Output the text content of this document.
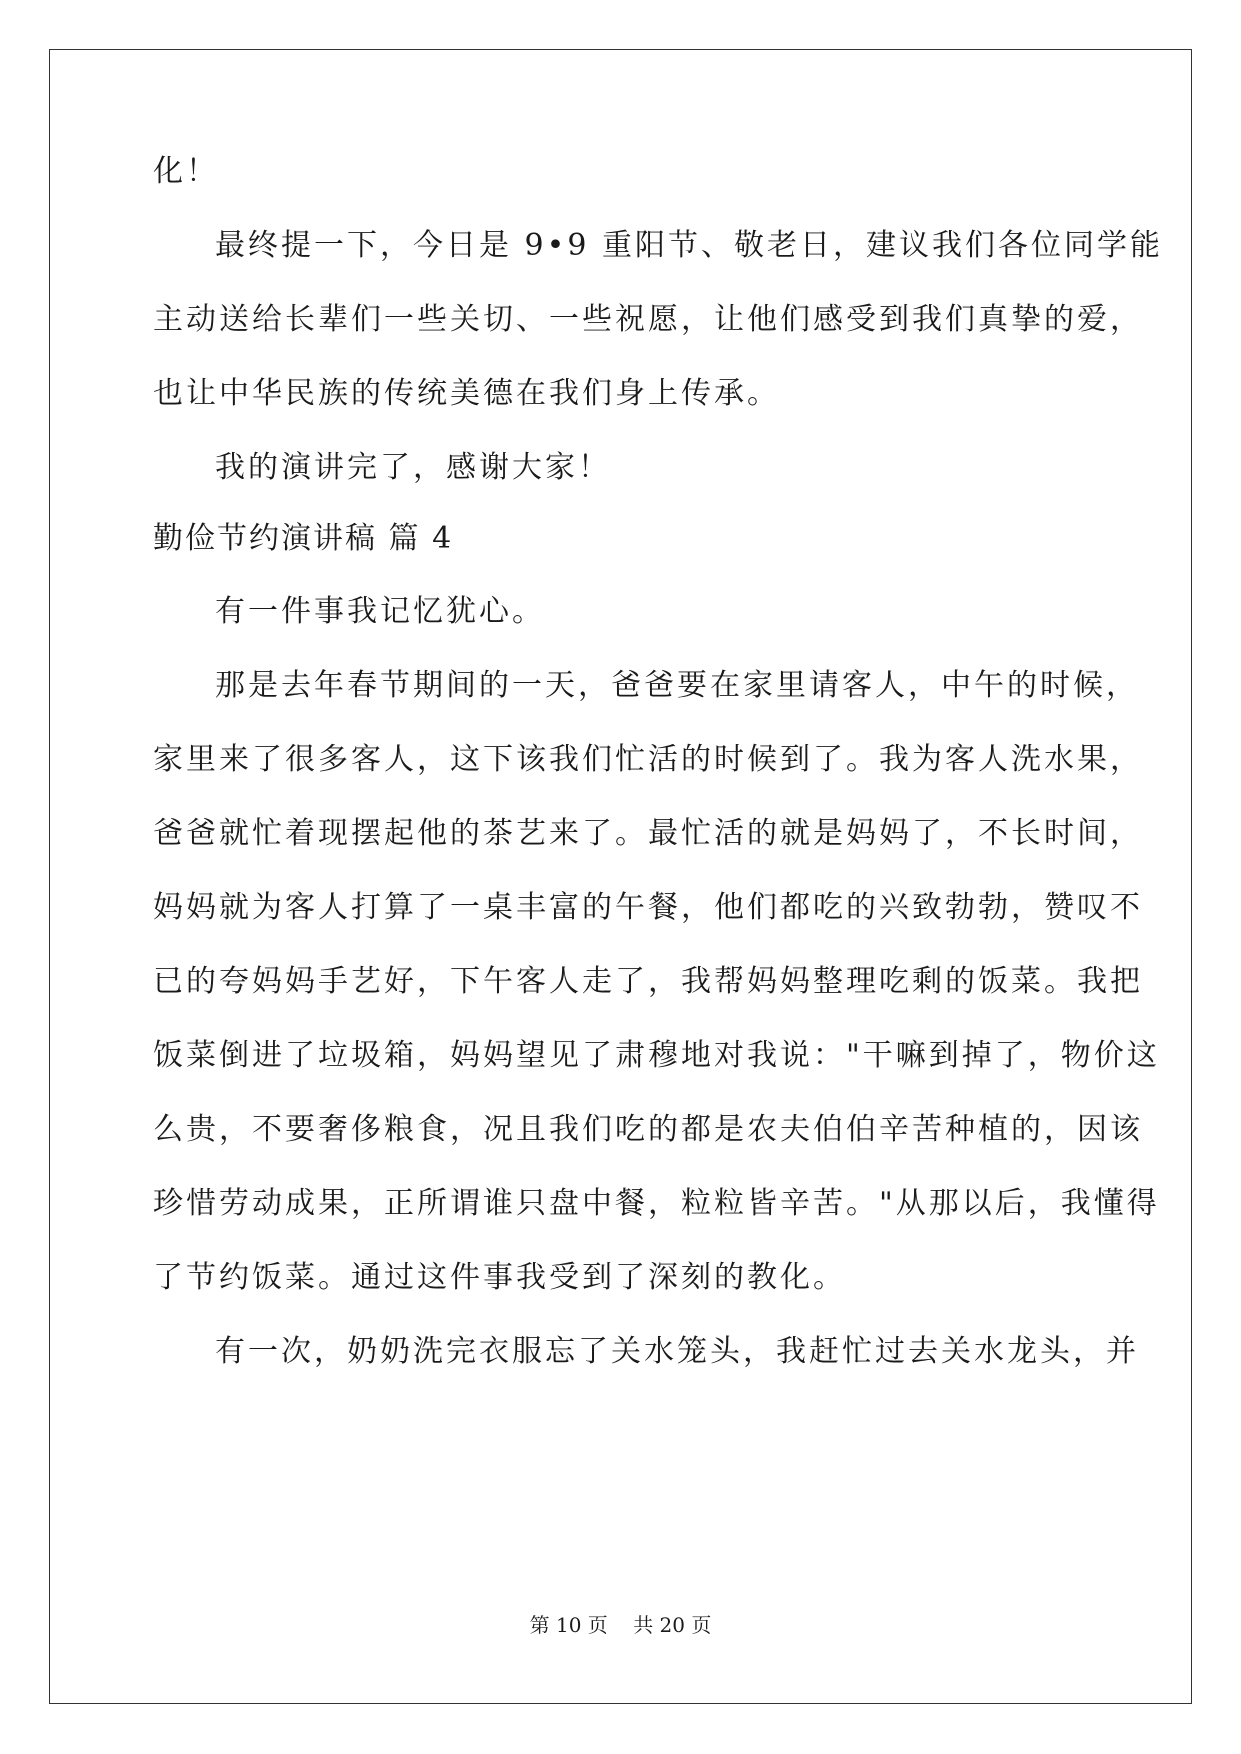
化！
最终提一下，今日是 9•9 重阳节、敬老日，建议我们各位同学能
主动送给长辈们一些关切、一些祝愿，让他们感受到我们真挚的爱，
也让中华民族的传统美德在我们身上传承。
我的演讲完了，感谢大家！
勤俭节约演讲稿 篇 4
有一件事我记忆犹心。
那是去年春节期间的一天，爸爸要在家里请客人，中午的时候，
家里来了很多客人，这下该我们忙活的时候到了。我为客人洗水果，
爸爸就忙着现摆起他的茶艺来了。最忙活的就是妈妈了，不长时间，
妈妈就为客人打算了一桌丰富的午餐，他们都吃的兴致勃勃，赞叹不
已的夸妈妈手艺好，下午客人走了，我帮妈妈整理吃剩的饭菜。我把
饭菜倒进了垃圾箱，妈妈望见了肃穆地对我说："干嘛到掉了，物价这
么贵，不要奢侈粮食，况且我们吃的都是农夫伯伯辛苦种植的，因该
珍惜劳动成果，正所谓谁只盘中餐，粒粒皆辛苦。"从那以后，我懂得
了节约饭菜。通过这件事我受到了深刻的教化。
有一次，奶奶洗完衣服忘了关水笼头，我赶忙过去关水龙头，并
第 10 页    共 20 页
